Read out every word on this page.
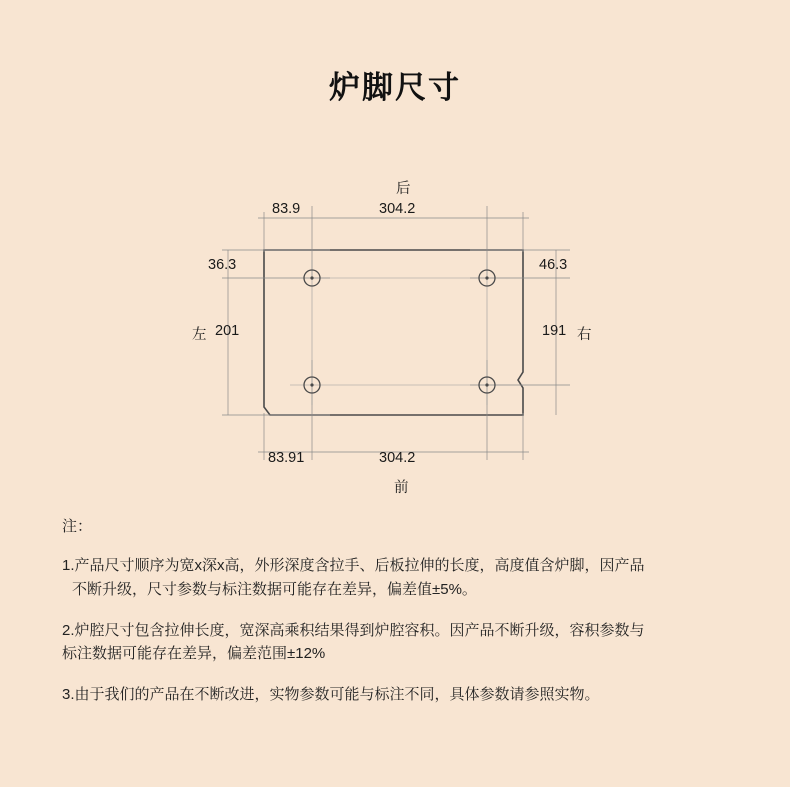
炉脚尺寸
后
前
左	右
83.9	304.2
83.91	304.2
36.3	46.3
201	191
注：
1.产品尺寸顺序为宽x深x高，外形深度含拉手、后板拉伸的长度，高度值含炉脚，因产品
不断升级，尺寸参数与标注数据可能存在差异，偏差值±5%。
2.炉腔尺寸包含拉伸长度，宽深高乘积结果得到炉腔容积。因产品不断升级，容积参数与
标注数据可能存在差异，偏差范围±12%
3.由于我们的产品在不断改进，实物参数可能与标注不同，具体参数请参照实物。
